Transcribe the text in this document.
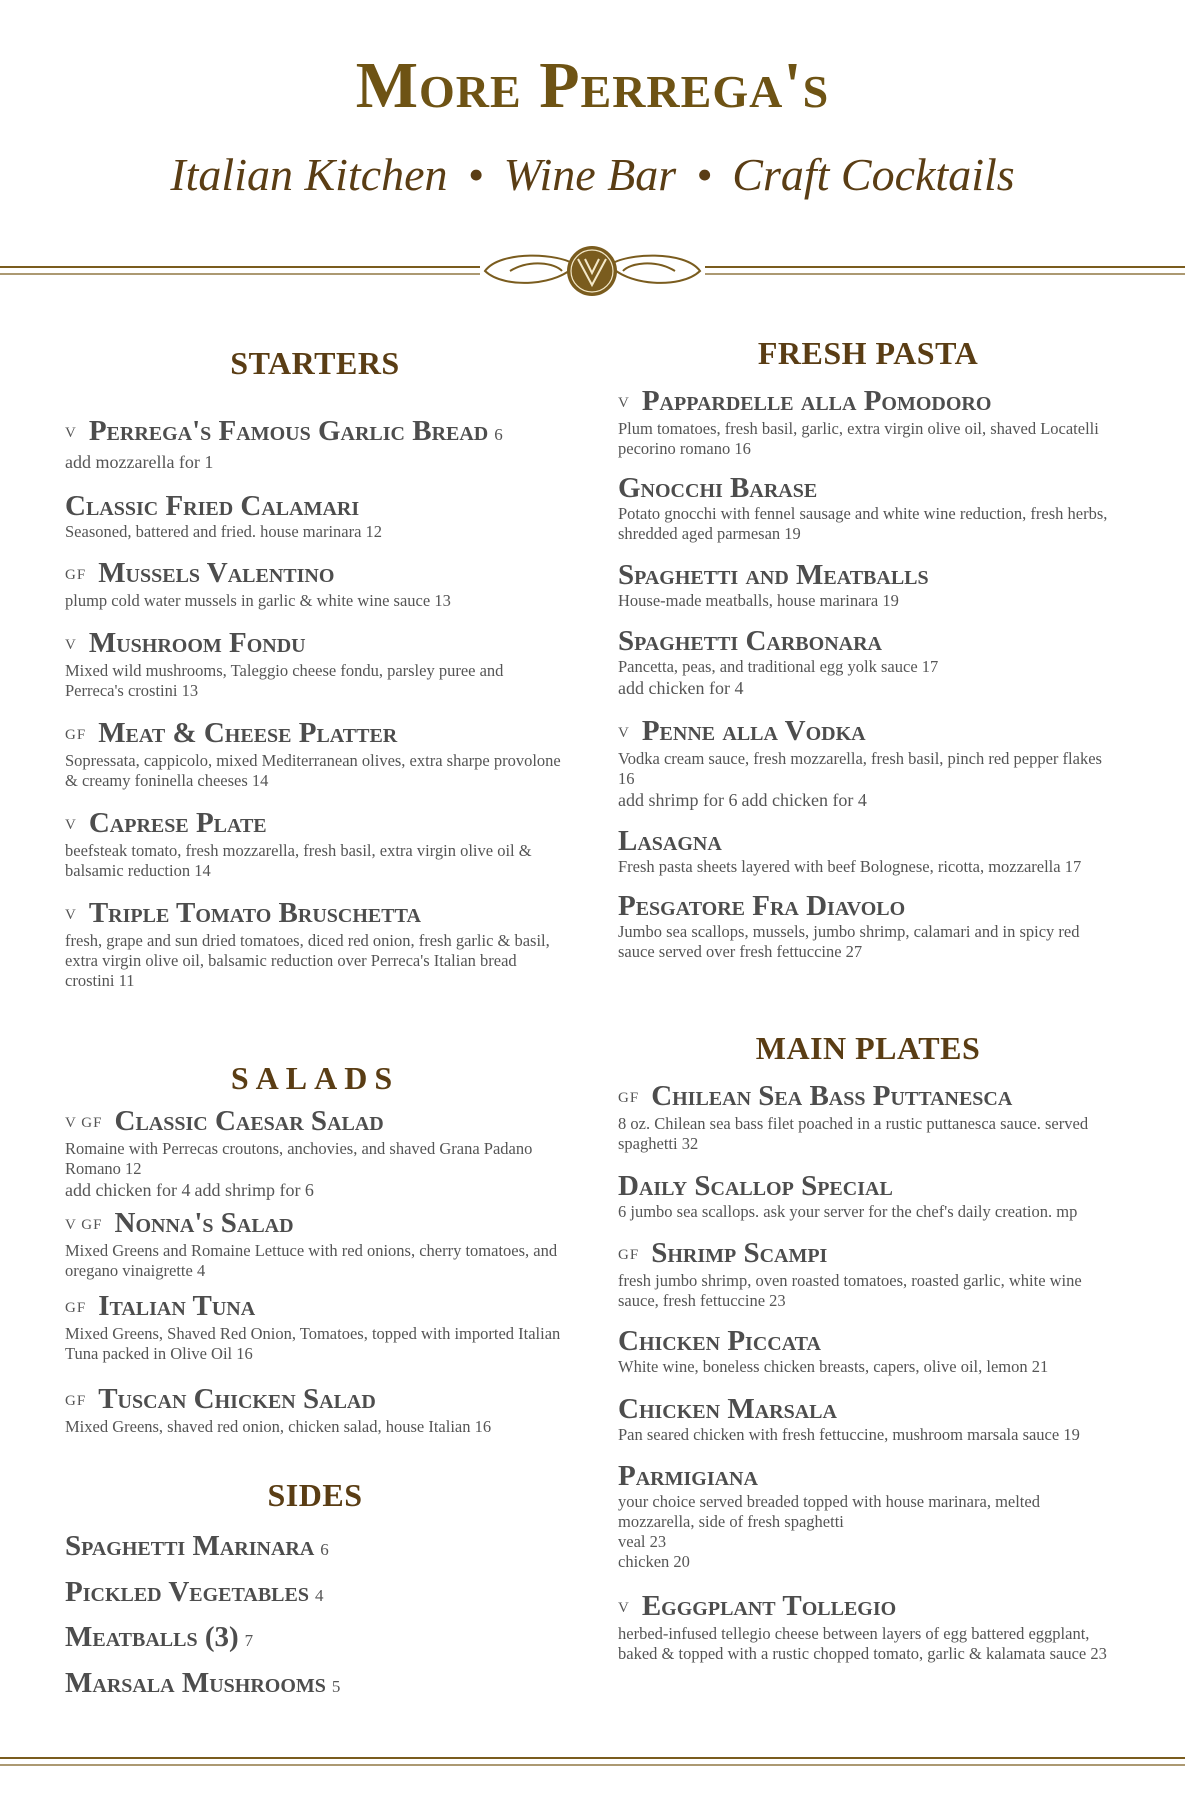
More Perrega's
Italian Kitchen • Wine Bar • Craft Cocktails
STARTERS
V Perrega's Famous Garlic Bread 6
add mozzarella for 1
Classic Fried Calamari
Seasoned, battered and fried. house marinara 12
GF Mussels Valentino
plump cold water mussels in garlic & white wine sauce 13
V Mushroom Fondu
Mixed wild mushrooms, Taleggio cheese fondu, parsley puree and Perreca's crostini 13
GF Meat & Cheese Platter
Sopressata, cappicolo, mixed Mediterranean olives, extra sharpe provolone & creamy foninella cheeses 14
V Caprese Plate
beefsteak tomato, fresh mozzarella, fresh basil, extra virgin olive oil & balsamic reduction 14
V Triple Tomato Bruschetta
fresh, grape and sun dried tomatoes, diced red onion, fresh garlic & basil, extra virgin olive oil, balsamic reduction over Perreca's Italian bread crostini 11
SALADS
V GF Classic Caesar Salad
Romaine with Perrecas croutons, anchovies, and shaved Grana Padano Romano 12
add chicken for 4 add shrimp for 6
V GF Nonna's Salad
Mixed Greens and Romaine Lettuce with red onions, cherry tomatoes, and oregano vinaigrette 4
GF Italian Tuna
Mixed Greens, Shaved Red Onion, Tomatoes, topped with imported Italian Tuna packed in Olive Oil 16
GF Tuscan Chicken Salad
Mixed Greens, shaved red onion, chicken salad, house Italian 16
SIDES
Spaghetti Marinara 6
Pickled Vegetables 4
Meatballs (3) 7
Marsala Mushrooms 5
FRESH PASTA
V Pappardelle alla Pomodoro
Plum tomatoes, fresh basil, garlic, extra virgin olive oil, shaved Locatelli pecorino romano 16
Gnocchi Barase
Potato gnocchi with fennel sausage and white wine reduction, fresh herbs, shredded aged parmesan 19
Spaghetti and Meatballs
House-made meatballs, house marinara 19
Spaghetti Carbonara
Pancetta, peas, and traditional egg yolk sauce 17
add chicken for 4
V Penne alla Vodka
Vodka cream sauce, fresh mozzarella, fresh basil, pinch red pepper flakes 16
add shrimp for 6 add chicken for 4
Lasagna
Fresh pasta sheets layered with beef Bolognese, ricotta, mozzarella 17
Pesgatore Fra Diavolo
Jumbo sea scallops, mussels, jumbo shrimp, calamari and in spicy red sauce served over fresh fettuccine 27
MAIN PLATES
GF Chilean Sea Bass Puttanesca
8 oz. Chilean sea bass filet poached in a rustic puttanesca sauce. served spaghetti 32
Daily Scallop Special
6 jumbo sea scallops. ask your server for the chef's daily creation. mp
GF Shrimp Scampi
fresh jumbo shrimp, oven roasted tomatoes, roasted garlic, white wine sauce, fresh fettuccine 23
Chicken Piccata
White wine, boneless chicken breasts, capers, olive oil, lemon 21
Chicken Marsala
Pan seared chicken with fresh fettuccine, mushroom marsala sauce 19
Parmigiana
your choice served breaded topped with house marinara, melted mozzarella, side of fresh spaghetti
veal 23
chicken 20
V Egggplant Tollegio
herbed-infused tellegio cheese between layers of egg battered eggplant, baked & topped with a rustic chopped tomato, garlic & kalamata sauce 23
